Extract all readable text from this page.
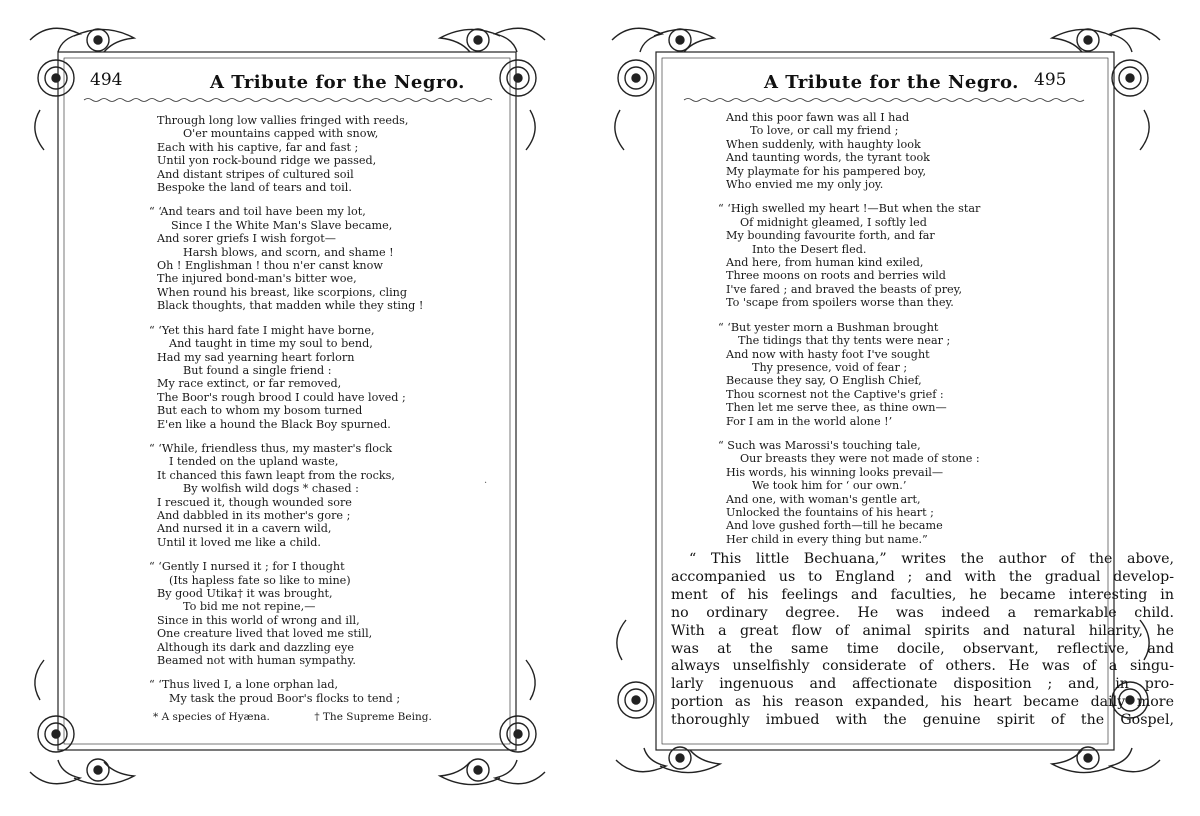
494	A Tribute for the Negro.
Through long low vallies fringed with reeds,
O'er mountains capped with snow,
Each with his captive, far and fast ;
Until yon rock-bound ridge we passed,
And distant stripes of cultured soil
Bespoke the land of tears and toil.
“ ‘And tears and toil have been my lot,
Since I the White Man's Slave became,
And sorer griefs I wish forgot—
Harsh blows, and scorn, and shame !
Oh ! Englishman ! thou n'er canst know
The injured bond-man's bitter woe,
When round his breast, like scorpions, cling
Black thoughts, that madden while they sting !
“ ‘Yet this hard fate I might have borne,
And taught in time my soul to bend,
Had my sad yearning heart forlorn
But found a single friend :
My race extinct, or far removed,
The Boor's rough brood I could have loved ;
But each to whom my bosom turned
E'en like a hound the Black Boy spurned.
“ ‘While, friendless thus, my master's flock
I tended on the upland waste,
It chanced this fawn leapt from the rocks,
By wolfish wild dogs * chased :
I rescued it, though wounded sore
And dabbled in its mother's gore ;
And nursed it in a cavern wild,
Until it loved me like a child.
“ ‘Gently I nursed it ; for I thought
(Its hapless fate so like to mine)
By good Utika† it was brought,
To bid me not repine,—
Since in this world of wrong and ill,
One creature lived that loved me still,
Although its dark and dazzling eye
Beamed not with human sympathy.
“ ‘Thus lived I, a lone orphan lad,
My task the proud Boor's flocks to tend ;
* A species of Hyæna.	† The Supreme Being.
·
A Tribute for the Negro. 495
And this poor fawn was all I had
To love, or call my friend ;
When suddenly, with haughty look
And taunting words, the tyrant took
My playmate for his pampered boy,
Who envied me my only joy.
“ ‘High swelled my heart !—But when the star
Of midnight gleamed, I softly led
My bounding favourite forth, and far
Into the Desert fled.
And here, from human kind exiled,
Three moons on roots and berries wild
I've fared ; and braved the beasts of prey,
To 'scape from spoilers worse than they.
“ ‘But yester morn a Bushman brought
The tidings that thy tents were near ;
And now with hasty foot I've sought
Thy presence, void of fear ;
Because they say, O English Chief,
Thou scornest not the Captive's grief :
Then let me serve thee, as thine own—
For I am in the world alone !’
“ Such was Marossi's touching tale,
Our breasts they were not made of stone :
His words, his winning looks prevail—
We took him for ‘ our own.’
And one, with woman's gentle art,
Unlocked the fountains of his heart ;
And love gushed forth—till he became
Her child in every thing but name.”
“ This little Bechuana,” writes the author of the above,
accompanied us to England ; and with the gradual develop-
ment of his feelings and faculties, he became interesting in
no ordinary degree. He was indeed a remarkable child.
With a great flow of animal spirits and natural hilarity, he
was at the same time docile, observant, reflective, and
always unselfishly considerate of others. He was of a singu-
larly ingenuous and affectionate disposition ; and, in pro-
portion as his reason expanded, his heart became daily more
thoroughly imbued with the genuine spirit of the Gospel,
